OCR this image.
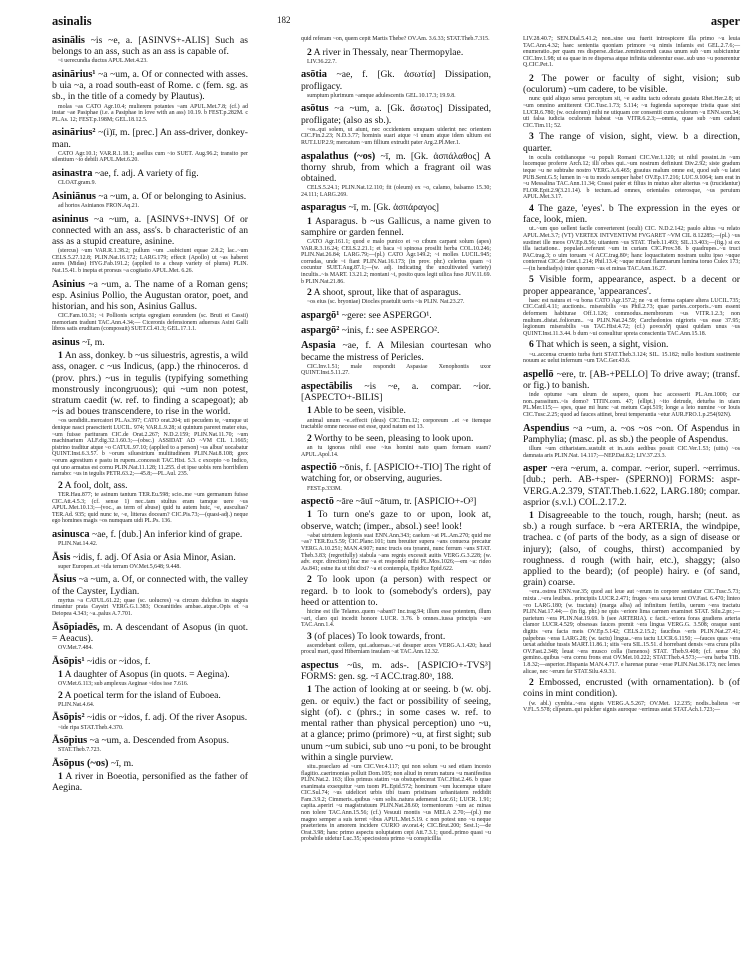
asinalis	182	asper

asinālis ~is ~e, a. [ASINVS+-ALIS] Such as belongs to an ass, such as an ass is capable of.

~i uerecundia ductus APUL.Met.4.23.

asinārius¹ ~a ~um, a. Of or connected with asses. b uia ~a, a road south-east of Rome. c (fem. sg. as sb., in the title of a comedy by Plautus).

molas ~as CATO Agr.10.4; mulierem potantes ~am APUL.Met.7.8; (cf.) ad instar ~ae Pasiphae (i.e. a Pasiphae in love with an ass) 10.19. b FEST.p.282M. c PL.As. 12; FEST.p.198M; GEL.18.12.5.

asinārius² ~(i)ī, m. [prec.] An ass-driver, donkey-man.

CATO Agr.10.1; VAR.R.1.18.1; asellus cum ~io SUET. Aug.96.2; transito per silentium ~io debili APUL.Met.6.20.

asinastra ~ae, f. adj. A variety of fig.

CLOAT.gram.9.

Asiniānus ~a ~um, a. Of or belonging to Asinius.

ad hortos Asinianos FRON.Aq.21.

asininus ~a ~um, a. [ASINVS+-INVS] Of or connected with an ass, ass's. b characteristic of an ass as a stupid creature, asinine.

(stercus) ~um VAR.R.1.38.2; pullum ~um ..subiciunt equae 2.8.2; lac..~um CELS.5.27.12.8; PLIN.Nat.16.172; LARG.179; effecit (Apollo) ut ~as haberet aures (Midas) HYG.Fab.191.2; (applied to a cheap variety of plums) PLIN. Nat.15.41. b inepta et prorsus ~a cogitatio APUL.Met. 6.26.

Asinius ~a ~um, a. The name of a Roman gens; esp. Asinius Pollio, the Augustan orator, poet, and historian, and his son, Asinius Gallus.

CIC.Fam.10.31; ~i Pollionis scripta egregiam eorundem (sc. Bruti et Cassii) memoriam tradunt TAC.Ann.4.34;— Ciceronis defensionem aduersus Asini Galli libros satis eruditam (composuit) SUET.Cl.41.3; GEL.17.1.1.

asinus ~ī, m.

1 An ass, donkey. b ~us siluestris, agrestis, a wild ass, onager. c ~us Indicus, (app.) the rhinoceros. d (prov. phrs.) ~us in tegulis (typifying something monstrously incongruous); qui ~um non potest, stratum caedit (w. ref. to finding a scapegoat); ab ~is ad boues transcendere, to rise in the world.

~os uendidit..mercatori PL.As.397; CATO orat.204; uti pecudem te, ~umque ut denique nasci praesciterit LUCIL. 974; VAR.L.9.28; si quintum pareret mater eius, ~um fuisse parituram CIC.de Orat.2.267; N.D.2.159; PLIN.Nat.11.70; ~um machinarium ALF.dig.32.1.60.3;—(obsc.) ASSIDAT AD ~VM CIL 1.1665; pistrino traditur atque ~o CATUL.97.10; (applied to a person) ~us albus' uocabatur QUINT.Inst.6.3.57. b ~orum siluestrium multitudinem PLIN.Nat.8.108; grex ~orum agrestium e pastu in rupem..concessit TAC.Hist. 5.3. c excepto ~o Indico, qui uno armatus est cornu PLIN.Nat.11.128; 11.255. d et ipse uobis rem horribilem narrabo: ~us in tegulis PETR.63.2;—45.8;—PL.Aul. 235.

2 A fool, dolt, ass.

TER.Hau.877; te asinum tantum TER.Eu.598; scio..me ~um germanum fuisse CIC.Att.4.5.3; (cf. sense 1) nec..tam stultus eram tamque uere ~us APUL.Met.10.13;—(voc., as term of abuse) quid tu autem huic, ~e, auscultas? TER.Ad. 935; quid nunc te, ~e, litteras doceam? CIC.Pis.73;—(quasi-adj.) neque ego homines magis ~os numquam uidi PL.Ps. 136.

asinusca ~ae, f. [dub.] An inferior kind of grape.

PLIN.Nat.14.42.

Āsis ~idis, f. adj. Of Asia or Asia Minor, Asian.

super Europen..et ~ida terram OV.Met.5,648; 9.448.

Āsius ~a ~um, a. Of, or connected with, the valley of the Cayster, Lydian.

myrtus ~a CATUL.61.22; quae (sc. uolucres) ~a circum dulcibus in stagnis rimantur prata Caystri VERG.G.1.383; Oceanitides ambae..atque..Opis et ~a Deiopea 4.343; ~a..palus A.7.701.

Āsōpiadēs, m. A descendant of Asopus (in quot. = Aeacus).

OV.Met.7.484.

Āsōpis¹ ~idis or ~idos, f.

1 A daughter of Asopus (in quots. = Aegina).

OV.Met.6.113; sub amplexus Aeginae ~idos isse 7.616.

2 A poetical term for the island of Euboea.

PLIN.Nat.4.64.

Āsōpis² ~idis or ~idos, f. adj. Of the river Asopus.

~ide ripa STAT.Theb.4.370.

Āsōpius ~a ~um, a. Descended from Asopus.

STAT.Theb.7.723.

Āsōpus (~os) ~ī, m.

1 A river in Boeotia, personified as the father of Aegina.

quid referam ~on, quem cepit Martis Thebe? OV.Am. 3.6.33; STAT.Theb.7.315.

2 A river in Thessaly, near Thermopylae.

LIV.36.22.7.

asōtia ~ae, f. [Gk. ἀσωτία] Dissipation, profligacy.

sumptum plurimum ~amque adulescentis GEL.10.17.3; 19.9.8.

asōtus ~a ~um, a. [Gk. ἄσωτος] Dissipated, profligate; (also as sb.).

~os..qui solem, ut aiunt, nec occidentem umquam uiderint nec orientem CIC.Fin.2.23; N.D.3.77; hominis suari atque ~i unum atque idem ultium est RUT.LUP.2.9; mercatum ~um fillium extrudit pater Arg.2.Pl.Mer.1.

aspalathus (~os) ~ī, m. [Gk. ἀσπάλαθος] A thorny shrub, from which a fragrant oil was obtained.

CELS.5.24.1; PLIN.Nat.12.110; fit (oleum) ex ~o, calamo, balsamo 15.30; 24.111; LARG.269.

asparagus ~ī, m. [Gk. ἀσπάραγος]

1 Asparagus. b ~us Gallicus, a name given to samphire or garden fennel.

CATO Agr.161.1; quod e malo punico et ~o cibum carpant solum (apes) VAR.R.3.16.24; CELS.2.21.1; et baca ~i spinosa prosilit herba COL.10.246; PLIN.Nat.26.84; LARG.79;—(pl.) CATO Agr.149.2; ~i molles LUCIL.945; corrudas, unde ~i fiant PLIN.Nat.16.173; (in prov. phr.) celerius quam ~i cocuntur SUET.Aug.87.1;—(w. adj. indicating the uncultivated variety) incultis..~is MART. 13.21.2; montani ~i, posito quos legit uilica fuso JUV.11.69. b PLIN.Nat.21.86.

2 A shoot, sprout, like that of asparagus.

~os eius (sc. bryoniae) Diocles praetulit ueris ~is PLIN. Nat.23.27.

aspargō¹ ~gere: see ASPERGO¹.

aspargō² ~inis, f.: see ASPERGO².

Aspasia ~ae, f. A Milesian courtesan who became the mistress of Pericles.

CIC.Inv.1.51; male respondit Aspasiae Xenophontis uxor QUINT.Inst.5.11.27.

aspectābilis ~is ~e, a. compar. ~ior. [ASPECTO+-BILIS]

1 Able to be seen, visible.

animal unum ~e..effecit (deus) CIC.Tim.12; corporeum ..et ~e itemque tractabile omne necesse est esse, quod natum est 13.

2 Worthy to be seen, pleasing to look upon.

an tu ignoras nihil esse ~ius homini nato quam formam suam? APUL.Apol.14.

aspectiō ~ōnis, f. [ASPICIO+-TIO] The right of watching for, or observing, auguries.

FEST.p.333M.

aspectō ~āre ~āuī ~ātum, tr. [ASPICIO+-O³]

1 To turn one's gaze to or upon, look at, observe, watch; (imper., absol.) see! look!

~abat uirtutem legionis suai ENN.Ann.343; caelum ~at PL.Am.270; quid me ~as? TER.Eu.5.59; CIC.Planc.101; tum breuiter supera ~ans conuexa precatur VERG.A.10.251; MAN.4.907; nunc trucis ora tyranni, nunc ferrum ~ans STAT. Theb.3.83; (regretfully) stabula ~ans regnis excessit auitis VERG.G.3.228; (w. adv. expr. direction) huc me ~a et respondé mihi PL.Mos.1026;—em ~a: rideo As.841; estne ita ut tibi dixi? ~a et contempla, Epidice Epid.622.

2 To look upon (a person) with respect or regard. b to look to (somebody's orders), pay heed or attention to.

hicine est ille Telamo..quem ~abant? Inc.trag.94; illum esse potentem, illum ~ari, claro qui incedit honore LUCR. 3.76. b omnes..iussa principis ~are TAC.Ann.1.4.

3 (of places) To look towards, front.

ascendebant collem, qui..aduersas..~at desuper arces VERG.A.1.420; haud procul mari, quod Hiberniam insulam ~at TAC.Ann.12.32.

aspectus ~ūs, m. ads-. [ASPICIO+-TVS³] FORMS: gen. sg. ~ī ACC.trag.80ᵃ, 188.

1 The action of looking at or seeing. b (w. obj. gen. or equiv.) the fact or possibility of seeing, sight (of). c (phrs.; in some cases w. ref. to mental rather than physical perception) uno ~u, at a glance; primo (primore) ~u, at first sight; sub unum ~um subici, sub uno ~u poni, to be brought within a single purview.

situ..praeclaro ad ~um CIC.Ver.4.117; qui non solum ~u sed etiam incesto flagitio..caerimonias polluit Dom.105; non aliud in rerum natura ~u manifestius PLIN.Nat.2. 163; illos primus statim ~us obstupefecerat TAC.Hist.2.46. b quae exanimata exsequitur ~um tuom PL.Epid.572; hominum ~um lucemque uitare CIC.Sul.74; ~us uidelicet urbis tibi tuam pristinam urbanitatem reddidit Fam.3.9.2; Cimmeris..quibus ~um solis..natura ademerat Luc.61; LUCR. 1.91; capita..aperiri ~u magistratuum PLIN.Nat.28.60; tormentorum ~um ac minas non tolere TAC.Ann.15.56; (cf.) Vesuuii montis ~us MELA 2.70;—(pl.) me magno semper a suis terret ~ibus APUL.Met.5.19. c non potest uno ~u neque praeteriens in amorem incidere CURIO av.orat.4; CIC.Brut.200; Sest.1;—de Orat.3.98; hanc primo aspectu uoluptatem cepi Att.7.3.1; quod..primo quasi ~u probabile uidetur Luc.35; speciosiora primo ~u conspicillia

LIV.28.40.7; SEN.Dial.5.41.2; non..sine usu fuerit introspicere illa primo ~u leuia TAC.Ann.4.32; haec sententia quoniam primore ~u nimis infamis est GEL.2.7.6;—enumeratio..per quam res disperse..dictae..reminiscendi causa unum sub ~um subiciuntur CIC.Inv.1.98; ut ea quae in re dispersa atque infinita uiderentur esse..sub uno ~u ponerentur Q.CIC.Pet.1.

2 The power or faculty of sight, vision; sub (oculorum) ~um cadere, to be visible.

nunc quid aliquo sensu perceptum sit, ~e auditu tactu odoratu gustatu Rhet.Her.2.8; ut ~um omnino amitterent CIC.Tusc.1.73; 5.114; ~u fugienda saporeque tristia quae sint LUCR.6.780; (w. oculorum) mihi ne utiquam cor consentit cum oculorum ~u ENN.scen.34; uti falsa iudicia oculorum habeat ~us VITR.6.2.3;—omnia, quae sub ~um cadunt CIC.Tim.11; 52.

3 The range of vision, sight, view. b a direction, quarter.

in oculis cotidianoque ~u populi Romani CIC.Ver.1.120; ut nihil possint..in ~um lucemque proferre Arch.12; illi orbes qui..~um nostrum definiunt Div.2.92; siste gradum teque ~u ne subtrahe nostro VERG.A.6.465; grauius malum omne est, quod sub ~u latet PUB.Sent.G.5; lumen in ~u tu modo semper habe! OV.Ep.17.216; LUC.9.1064; iam erat in ~u Messalina TAC.Ann.11.34; Crassi pater et filius in mutuo alter alterius ~u (trucidantur) FLOR.Epit.2.9(3.21.14). b tectum..ad omnes, orientales ceterosque, ~us peruium APUL.Met.3.17.

4 The gaze, 'eyes'. b The expression in the eyes or face, look, mien.

ut..~um quo uellent facile converterent (oculi) CIC. N.D.2.142; paulo altius ~u relato APUL.Met.3.7; (VT) VERTEX INTVENTIVM FVGARET ~VM CIL 8.12285;—(pl.) ~us sustinet ille meos OV.Ep.8.56; uitantem ~us STAT. Theb.11.493; SIL.13.403;—(fig.) si ex illa iactatione.. populari..referunt ~um in curiam CIC.Prov.38. b quadrupes..~u truci PAC.trag.3; o uim toruam ~ī ACC.trag.80ᵃ; hanc loquacitatem nostram uultu ipso ~uque conterreat CIC.de Orat.1.214; Phil.13.4; ~uque micant flammarum lumina toruo Culex 173;—(in hendiadys) inter quorum ~us et minas TAC.Ann.16.27.

5 Visible form, appearance, aspect. b a decent or proper appearance, 'appearances'.

haec est natura et ~u bona CATO Agr.157.2; ne ~u et forma capiare altera LUCIL.735; CIC.Catil.4.11; auctionis.. miserabilis ~us Phil.2.73; quae partes..corporis..~um essent deformem habiturae Off.1.126; commodus..membrorum ~us VITR.1.2.3; non multum..distat..foliorum.. ~u PLIN.Nat.24.59; Carchedonios nigrioris ~us esse 37.95; legionum miserabilis ~us TAC.Hist.4.72; (cf.) μονοειδῆ quasi quidam unus ~us QUINT.Inst.11.3.44. b dum ~ui consulitur spreta conscientia TAC.Ann.15.18.

6 That which is seen, a sight, vision.

~u..accensa cruento turba furit STAT.Theb.3.124; SIL. 15.182; nullo hostium sustinente nouum ac uelut infernum ~um TAC.Ger.43.6.

aspellō ~ere, tr. [AB-+PELLO] To drive away; (transf. or fig.) to banish.

inde optume ~am ulrum de supero, quom huc accesserit PL.Am.1000; cur non..parasitum..~is domo? TITIN.com. 47; (ellipt.) ~ito detrude, deturba in uiam PL.Mer.115;— spes, quae mi hunc ~at metum Capt.519; longe a leto numine ~or Iouis CIC.Tusc.2.25; quod ad fauces attinet, breui temperantia ~etur AUR.FRO.1.p.254(92N).

Aspendius ~a ~um, a. ~os ~os ~on. Of Aspendus in Pamphylia; (masc. pl. as sb.) the people of Aspendus.

illum ~um citharistam..sustulit et in..suis aedibus posuit CIC.Ver.1.53; (uitis) ~os damnata aris PLIN.Nat. 14.117;—NEP.Dat.8.2; LIV.37.23.3.

asper ~era ~erum, a. compar. ~erior, superl. ~errimus. [dub.; perh. AB-+sper- (SPERNO)] FORMS: aspr- VERG.A.2.379, STAT.Theb.1.622, LARG.180; compar. asprior (s.v.l.) COL.2.17.2.

1 Disagreeable to the touch, rough, harsh; (neut. as sb.) a rough surface. b ~era ARTERIA, the windpipe, trachea. c (of parts of the body, as a sign of disease or injury); (also, of coughs, thirst) accompanied by roughness. d rough (with hair, etc.), shaggy; (also applied to the beard); (of people) hairy. e (of sand, grain) coarse.

~era..ostrea ENN.var.35; quod aut leue aut ~erum in corpore sentiatur CIC.Tusc.5.73; mixta ..~era leuibus.. principiis LUCR.2.471; fruges ~era saxa terunt OV.Fast. 6.470; linteo ~ro LARG.180; (w. tractatu) (marga alba) ad infinitum fertilis, uerum ~era tractatu PLIN.Nat.17.44;— (in fig. phr.) ne quis ~eriore lima carmen examinet STAT. Silu.2.pr.;—parietum ~era PLIN.Nat.19.69. b (see ARTERIA). c facit..~eriora foras gradiens arteria clamor LUCR.4.529; obsessas fauces premit ~era lingua VERG.G. 3.508; oraque sunt digitis ~era facta meis OV.Ep.5.142; CELS.2.15.2; faucibus ~eris PLIN.Nat.27.41; palpebras ~eras LARG.28; (w. tactu) lingua..~era tactu LUCR.6.1150; —fauces quas ~era uexat adsidue tussis MART.11.86.1; sitis ~era SIL.15.51. d horrebant densis ~era crura pilis OV.Fast.2.348; leuat ~era musco colla (Ismenos) STAT. Theb.9.408; (cf. sense 3b) gemino..quibus ~era cornu frons erat OV.Met.10.222; STAT.Theb.4.573;—~era barba TIB. 1.8.32;—asperior..Hispania MAN.4.717. e harenae purae ~erae PLIN.Nat.36.173; nec lenes alicae, nec ~erum far STAT.Silu.4.9.31.

2 Embossed, encrusted (with ornamentation). b (of coins in mint condition).

(w. abl.) cymbia..~era signis VERG.A.5.267; OV.Met. 12.235; nodis..balteus ~er V.FL.5.578; clipeum..qui pulcher signis auroque ~errimus astat STAT.Ach.1.723;—
